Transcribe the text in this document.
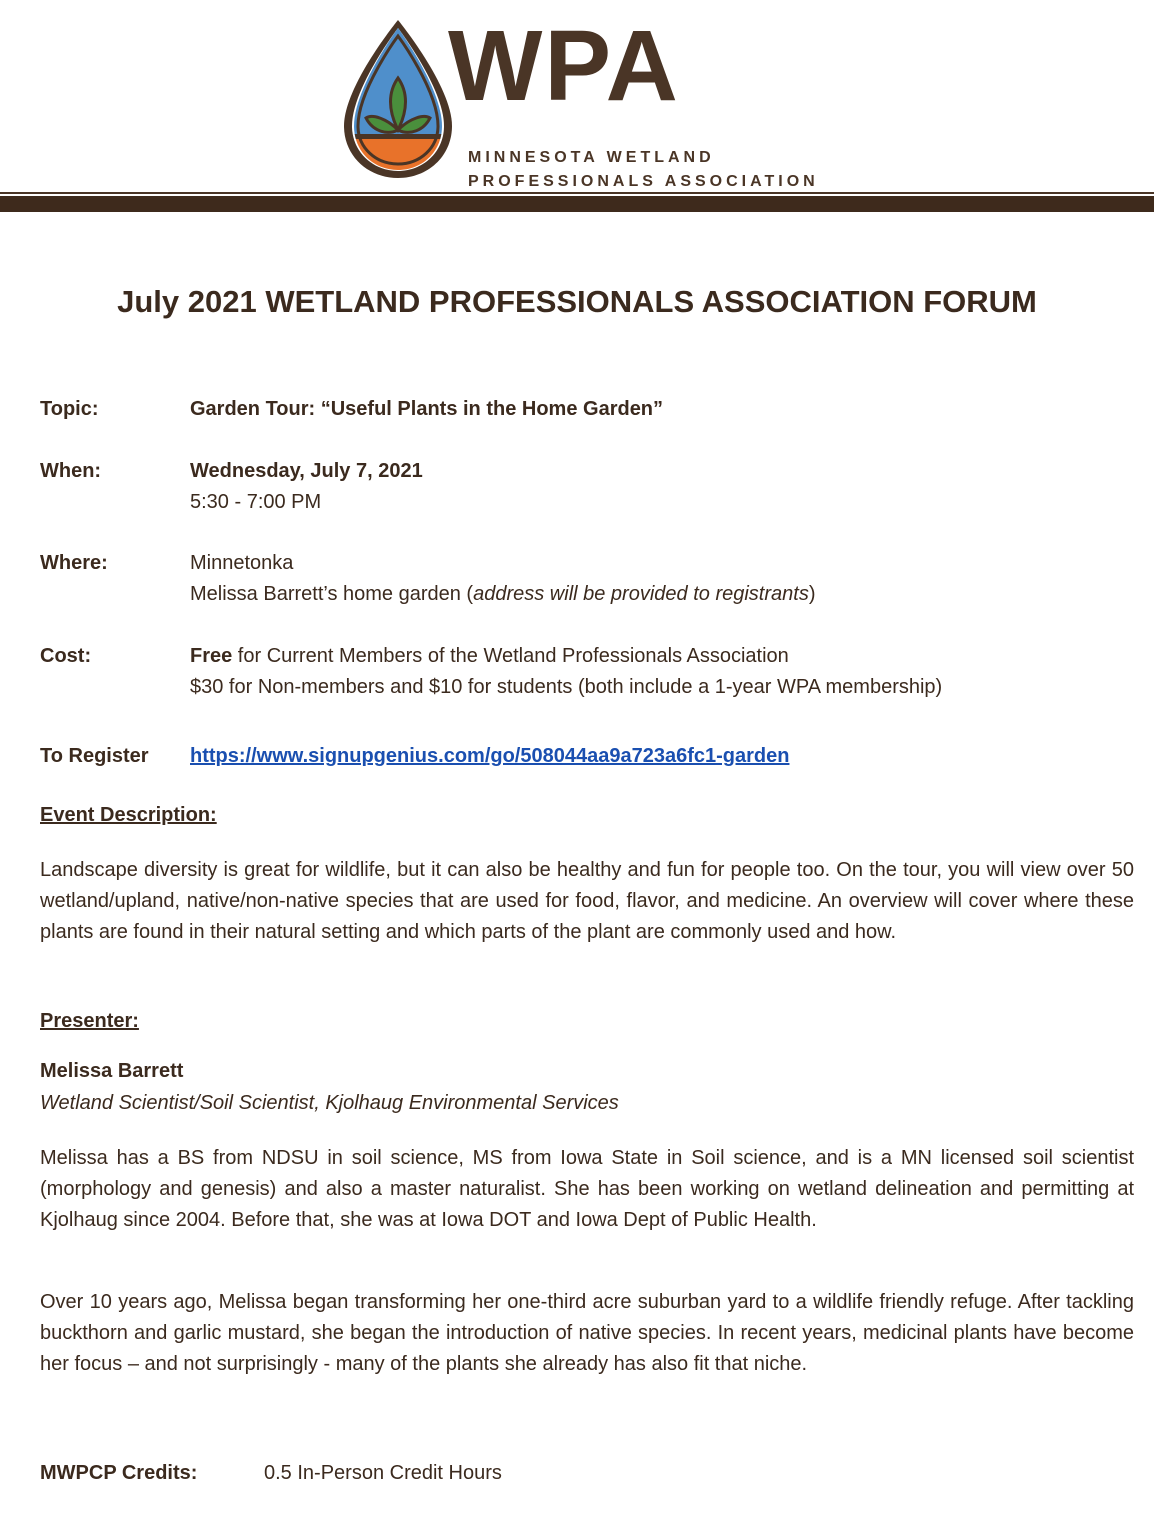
WPA
MINNESOTA WETLAND
PROFESSIONALS ASSOCIATION
July 2021 WETLAND PROFESSIONALS ASSOCIATION FORUM
Topic:	Garden Tour: “Useful Plants in the Home Garden”
When:	Wednesday, July 7, 2021
5:30 - 7:00 PM
Where:	Minnetonka
Melissa Barrett’s home garden (address will be provided to registrants)
Cost:	Free for Current Members of the Wetland Professionals Association
$30 for Non-members and $10 for students (both include a 1-year WPA membership)
To Register https://www.signupgenius.com/go/508044aa9a723a6fc1-garden
Event Description:

Landscape diversity is great for wildlife, but it can also be healthy and fun for people too. On the tour, you will view over 50 wetland/upland, native/non-native species that are used for food, flavor, and medicine. An overview will cover where these plants are found in their natural setting and which parts of the plant are commonly used and how.

Presenter:
Melissa Barrett
Wetland Scientist/Soil Scientist, Kjolhaug Environmental Services

Melissa has a BS from NDSU in soil science, MS from Iowa State in Soil science, and is a MN licensed soil scientist (morphology and genesis) and also a master naturalist. She has been working on wetland delineation and permitting at Kjolhaug since 2004. Before that, she was at Iowa DOT and Iowa Dept of Public Health.

Over 10 years ago, Melissa began transforming her one-third acre suburban yard to a wildlife friendly refuge. After tackling buckthorn and garlic mustard, she began the introduction of native species. In recent years, medicinal plants have become her focus – and not surprisingly - many of the plants she already has also fit that niche.

MWPCP Credits:	0.5 In-Person Credit Hours
